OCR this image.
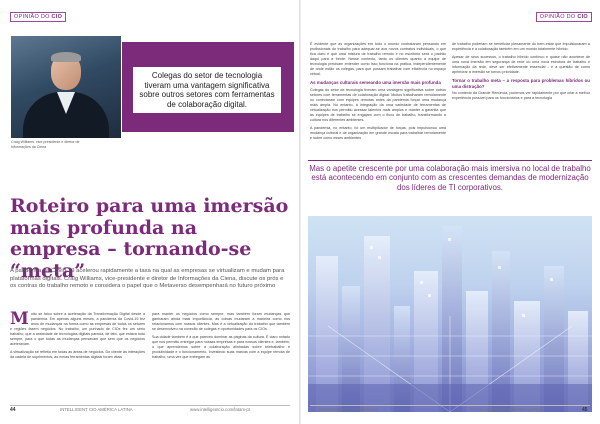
OPINIÃO DO CIO
Craig Williams, vice-presidente e diretor de Informações da Ciena
Colegas do setor de tecnologia tiveram uma vantagem significativa sobre outros setores com ferramentas de colaboração digital.
Roteiro para uma imersão mais profunda na empresa – tornando-se “meta”

A pandemia da Covid-19 acelerou rapidamente a taxa na qual as empresas se virtualizam e mudam para plataformas digitais. Craig Williams, vice-presidente e diretor de Informações da Ciena, discute os prós e os contras do trabalho remoto e considera o papel que o Metaverso desempenhará no futuro próximo

Muito se falou sobre a aceleração da Transformação Digital desde a pandemia. Em apenas alguns meses, a pandemia da Covid-19 fez anos de mudanças na forma como as empresas de todos os setores e regiões fazem negócios. No trabalho, um punhado de CIOs fez um sério trabalho, que a ansiedade de tecnologias digitais parecia, de fato, que estava todo sempre, para o que todas as mudanças pensavam que sem que os negócios aceleravam.

A virtualização se refletiu em todas as áreas de negócios. Do cliente às interações da cadeia de suprimentos, as novas ferramentas digitais foram vitais

para manter os negócios como sempre, mas também foram mudanças que ganharam ainda mais importância, às coisas mudaram a maneira como nos relacionamos com nossos clientes. Mas é a virtualização do trabalho que também se desenvolveu na conexão de colegas e oportunidades para os CIOs.

Sua cidade também é a que pareceu dominar as páginas da cultura. É claro notado que nos permitiu entregar para nossas empresas e para nossos clientes e, também, o que aprendemos sobre a colaboração alinhadas sobre teletrabalho e produtividade e o funcionamento. Investindo suas marcas com a equipe remota de trabalho, uma vez que entregam as

OPINIÃO DO CIO

É evidente que as organizações em todo o mundo contrataram pensando em profissionais do trabalho para adequar-se aos novos contratos individuais, o que fica claro é que uma mistura de trabalho remoto e no escritório será o padrão daqui para a frente. Nesse contexto, tanto os clientes quanto a equipe de tecnologia precisam entender como isso funciona na prática, independentemente de onde estão os colegas, para que possam trabalhar com eficiência no espaço virtual.

As mudanças culturais semeando uma imersão mais profunda

Colegas do setor de tecnologia tiveram uma vantagem significativa sobre outros setores com ferramentas de colaboração digital. Muitos trabalharam remotamente ou conectaram com equipes remotas antes da pandemia forçar uma mudança mais ampla. No entanto, a integração da uma variedade de ferramentas de virtualização nos permitiu acessar talentos mais amplos e manter a garantia que as equipes de trabalho se engajam com o fluxo de trabalho, transformando a cultura nos diferentes ambientes.

A pandemia, no entanto, foi um multiplicador de forças, pois impulsionou uma mudança cultural e de organização em grande escala para trabalhar remotamente e sobre como esses ambientes

de trabalho poderiam se beneficiar plenamente do bem-estar que impulsionaram a experiência e a colaboração também em um mundo totalmente híbrido.

Apesar de seus sucessos, o trabalho híbrido contínuo e quase não acontece de uma nova imersão em segurança de rede ou uma nova estrutura de trabalho e informação da rede, deve ser efetivamente essencial - e a questão de como aprimorar a imersão se tornou prioridade.

Tornar o trabalho meta – a resposta para problemas híbridos ou uma distração?

No contexto da Grande Renúncia, podemos ver rapidamente por que criar a melhor experiência possível para os funcionários e para a tecnologia

Mas o apetite crescente por uma colaboração mais imersiva no local de trabalho está acontecendo em conjunto com as crescentes demandas de modernização dos líderes de TI corporativos.
44	INTELLIGENT CIO AMÉRICA LATINA	www.intelligentcio.com/latam-pt	www.intelligentcio.com/latam-pt	INTELLIGENT CIO AMÉRICA LATINA	45
